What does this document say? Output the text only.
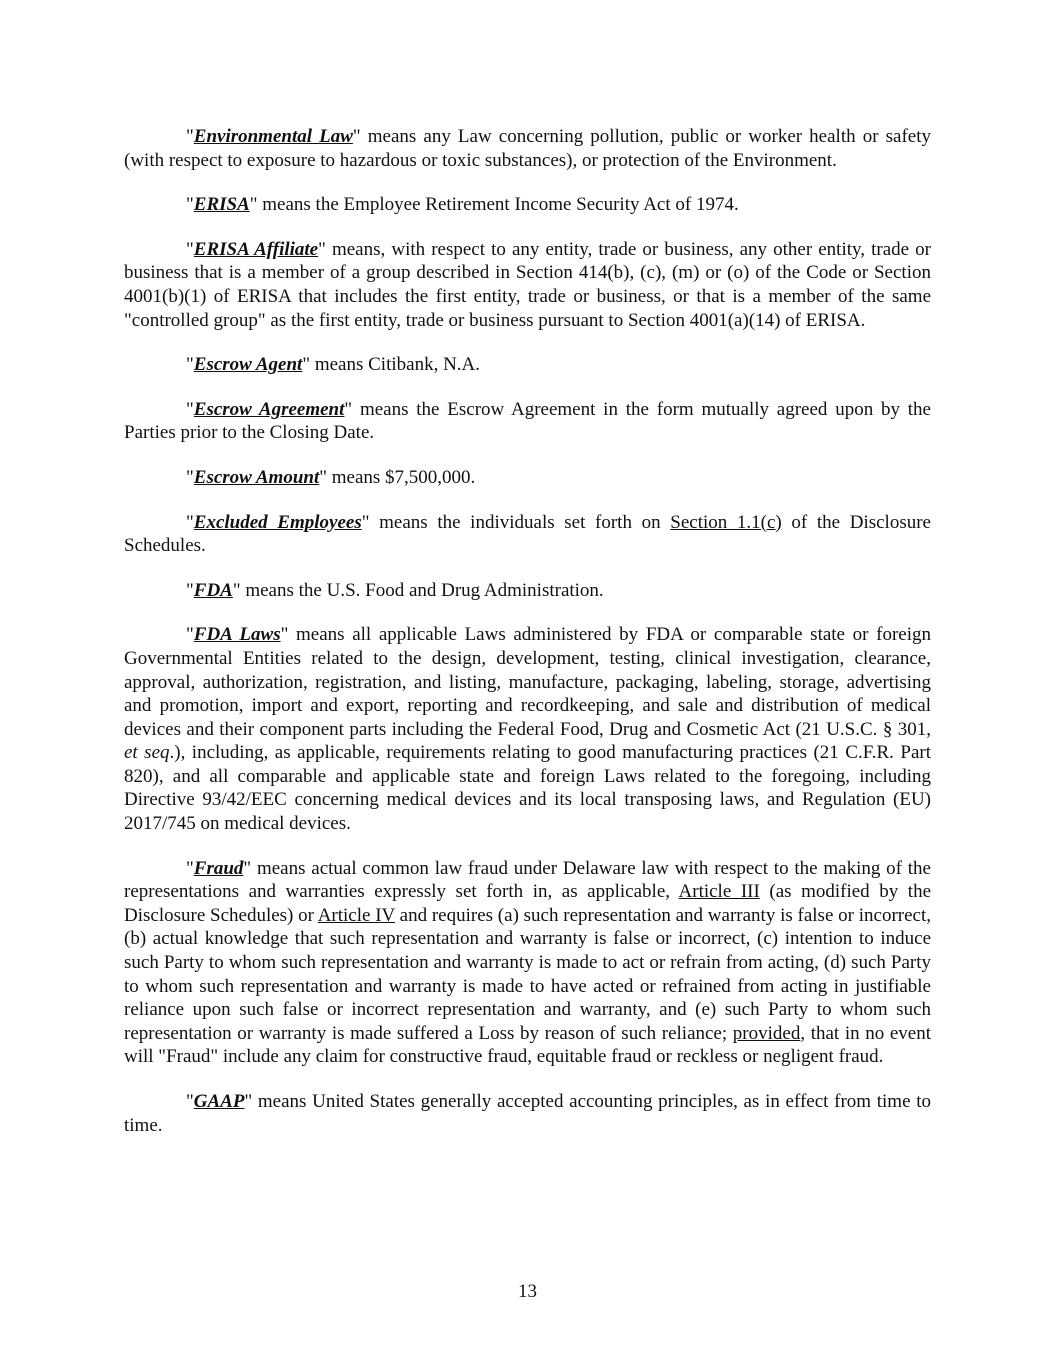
"Environmental Law" means any Law concerning pollution, public or worker health or safety (with respect to exposure to hazardous or toxic substances), or protection of the Environment.

"ERISA" means the Employee Retirement Income Security Act of 1974.

"ERISA Affiliate" means, with respect to any entity, trade or business, any other entity, trade or business that is a member of a group described in Section 414(b), (c), (m) or (o) of the Code or Section 4001(b)(1) of ERISA that includes the first entity, trade or business, or that is a member of the same "controlled group" as the first entity, trade or business pursuant to Section 4001(a)(14) of ERISA.

"Escrow Agent" means Citibank, N.A.

"Escrow Agreement" means the Escrow Agreement in the form mutually agreed upon by the Parties prior to the Closing Date.

"Escrow Amount" means $7,500,000.

"Excluded Employees" means the individuals set forth on Section 1.1(c) of the Disclosure Schedules.

"FDA" means the U.S. Food and Drug Administration.

"FDA Laws" means all applicable Laws administered by FDA or comparable state or foreign Governmental Entities related to the design, development, testing, clinical investigation, clearance, approval, authorization, registration, and listing, manufacture, packaging, labeling, storage, advertising and promotion, import and export, reporting and recordkeeping, and sale and distribution of medical devices and their component parts including the Federal Food, Drug and Cosmetic Act (21 U.S.C. § 301, et seq.), including, as applicable, requirements relating to good manufacturing practices (21 C.F.R. Part 820), and all comparable and applicable state and foreign Laws related to the foregoing, including Directive 93/42/EEC concerning medical devices and its local transposing laws, and Regulation (EU) 2017/745 on medical devices.

"Fraud" means actual common law fraud under Delaware law with respect to the making of the representations and warranties expressly set forth in, as applicable, Article III (as modified by the Disclosure Schedules) or Article IV and requires (a) such representation and warranty is false or incorrect, (b) actual knowledge that such representation and warranty is false or incorrect, (c) intention to induce such Party to whom such representation and warranty is made to act or refrain from acting, (d) such Party to whom such representation and warranty is made to have acted or refrained from acting in justifiable reliance upon such false or incorrect representation and warranty, and (e) such Party to whom such representation or warranty is made suffered a Loss by reason of such reliance; provided, that in no event will "Fraud" include any claim for constructive fraud, equitable fraud or reckless or negligent fraud.

"GAAP" means United States generally accepted accounting principles, as in effect from time to time.

13
